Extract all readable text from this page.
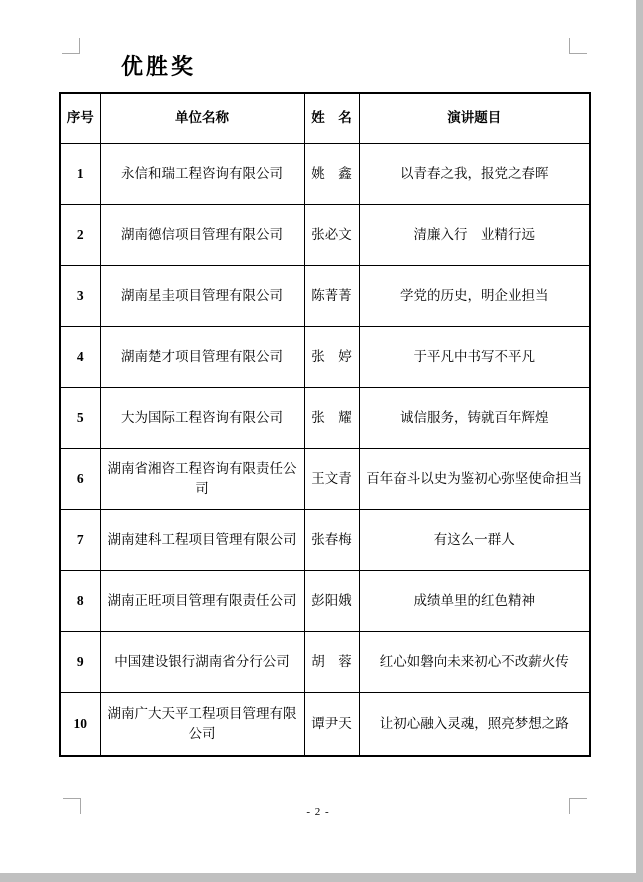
优胜奖
序号	单位名称	姓　名	演讲题目
1	永信和瑞工程咨询有限公司	姚　鑫	以青春之我，报党之春晖
2	湖南德信项目管理有限公司	张必文	清廉入行　业精行远
3	湖南星圭项目管理有限公司	陈菁菁	学党的历史，明企业担当
4	湖南楚才项目管理有限公司	张　婷	于平凡中书写不平凡
5	大为国际工程咨询有限公司	张　耀	诚信服务，铸就百年辉煌
6	湖南省湘咨工程咨询有限责任公司	王文青	百年奋斗以史为鉴初心弥坚使命担当
7	湖南建科工程项目管理有限公司	张春梅	有这么一群人
8	湖南正旺项目管理有限责任公司	彭阳娥	成绩单里的红色精神
9	中国建设银行湖南省分行公司	胡　蓉	红心如磐向未来初心不改薪火传
10	湖南广大天平工程项目管理有限公司	谭尹天	让初心融入灵魂，照亮梦想之路
- 2 -
